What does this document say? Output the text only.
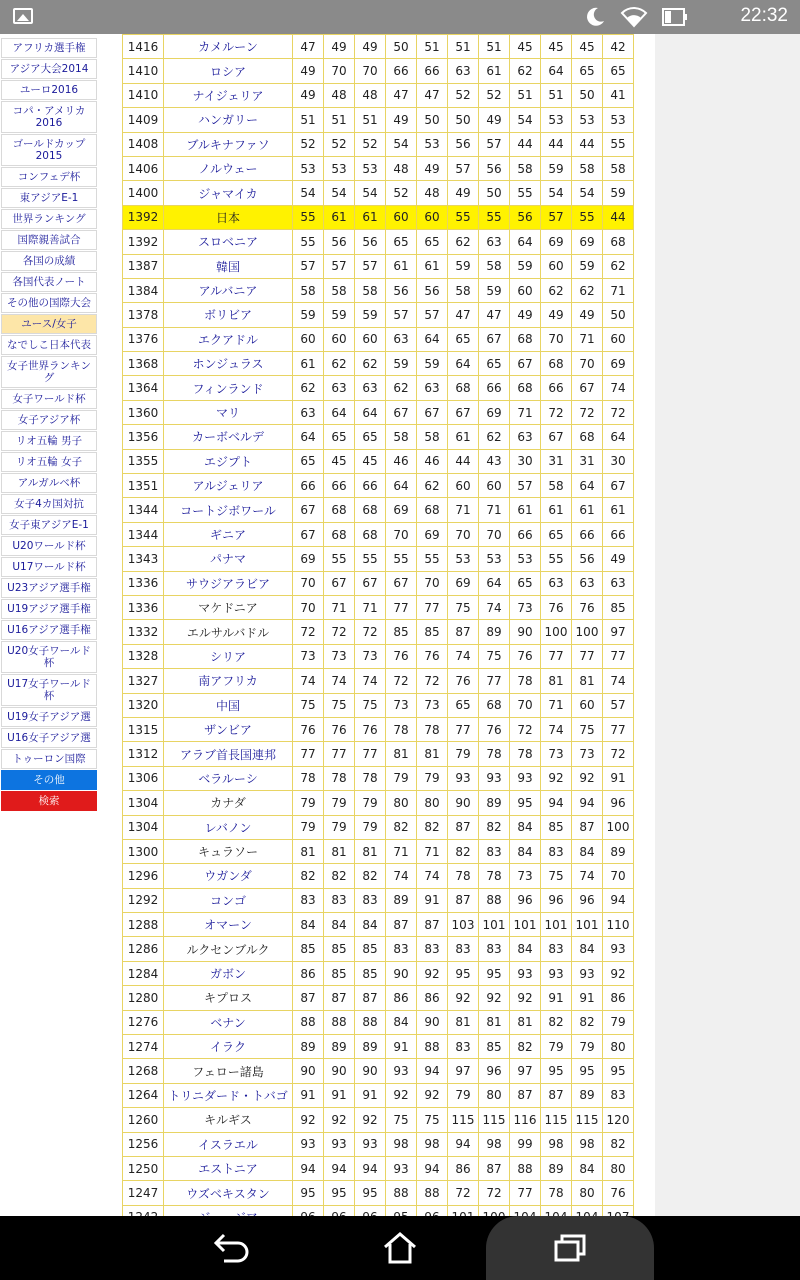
22:32
アフリカ選手権
アジア大会2014
ユーロ2016
コパ・アメリカ2016
ゴールドカップ2015
コンフェデ杯
東アジアE-1
世界ランキング
国際親善試合
各国の成績
各国代表ノート
その他の国際大会
ユース/女子
なでしこ日本代表
女子世界ランキング
女子ワールド杯
女子アジア杯
リオ五輪 男子
リオ五輪 女子
アルガルベ杯
女子4カ国対抗
女子東アジアE-1
U20ワールド杯
U17ワールド杯
U23アジア選手権
U19アジア選手権
U16アジア選手権
U20女子ワールド杯
U17女子ワールド杯
U19女子アジア選
U16女子アジア選
トゥーロン国際
その他
検索
1416	カメルーン	47	49	49	50	51	51	51	45	45	45	42
1410	ロシア	49	70	70	66	66	63	61	62	64	65	65
1410	ナイジェリア	49	48	48	47	47	52	52	51	51	50	41
1409	ハンガリー	51	51	51	49	50	50	49	54	53	53	53
1408	ブルキナファソ	52	52	52	54	53	56	57	44	44	44	55
1406	ノルウェー	53	53	53	48	49	57	56	58	59	58	58
1400	ジャマイカ	54	54	54	52	48	49	50	55	54	54	59
1392	日本	55	61	61	60	60	55	55	56	57	55	44
1392	スロベニア	55	56	56	65	65	62	63	64	69	69	68
1387	韓国	57	57	57	61	61	59	58	59	60	59	62
1384	アルバニア	58	58	58	56	56	58	59	60	62	62	71
1378	ボリビア	59	59	59	57	57	47	47	49	49	49	50
1376	エクアドル	60	60	60	63	64	65	67	68	70	71	60
1368	ホンジュラス	61	62	62	59	59	64	65	67	68	70	69
1364	フィンランド	62	63	63	62	63	68	66	68	66	67	74
1360	マリ	63	64	64	67	67	67	69	71	72	72	72
1356	カーボベルデ	64	65	65	58	58	61	62	63	67	68	64
1355	エジプト	65	45	45	46	46	44	43	30	31	31	30
1351	アルジェリア	66	66	66	64	62	60	60	57	58	64	67
1344	コートジボワール	67	68	68	69	68	71	71	61	61	61	61
1344	ギニア	67	68	68	70	69	70	70	66	65	66	66
1343	パナマ	69	55	55	55	55	53	53	53	55	56	49
1336	サウジアラビア	70	67	67	67	70	69	64	65	63	63	63
1336	マケドニア	70	71	71	77	77	75	74	73	76	76	85
1332	エルサルバドル	72	72	72	85	85	87	89	90	100	100	97
1328	シリア	73	73	73	76	76	74	75	76	77	77	77
1327	南アフリカ	74	74	74	72	72	76	77	78	81	81	74
1320	中国	75	75	75	73	73	65	68	70	71	60	57
1315	ザンビア	76	76	76	78	78	77	76	72	74	75	77
1312	アラブ首長国連邦	77	77	77	81	81	79	78	78	73	73	72
1306	ベラルーシ	78	78	78	79	79	93	93	93	92	92	91
1304	カナダ	79	79	79	80	80	90	89	95	94	94	96
1304	レバノン	79	79	79	82	82	87	82	84	85	87	100
1300	キュラソー	81	81	81	71	71	82	83	84	83	84	89
1296	ウガンダ	82	82	82	74	74	78	78	73	75	74	70
1292	コンゴ	83	83	83	89	91	87	88	96	96	96	94
1288	オマーン	84	84	84	87	87	103	101	101	101	101	110
1286	ルクセンブルク	85	85	85	83	83	83	83	84	83	84	93
1284	ガボン	86	85	85	90	92	95	95	93	93	93	92
1280	キプロス	87	87	87	86	86	92	92	92	91	91	86
1276	ベナン	88	88	88	84	90	81	81	81	82	82	79
1274	イラク	89	89	89	91	88	83	85	82	79	79	80
1268	フェロー諸島	90	90	90	93	94	97	96	97	95	95	95
1264	トリニダード・トバゴ	91	91	91	92	92	79	80	87	87	89	83
1260	キルギス	92	92	92	75	75	115	115	116	115	115	120
1256	イスラエル	93	93	93	98	98	94	98	99	98	98	82
1250	エストニア	94	94	94	93	94	86	87	88	89	84	80
1247	ウズベキスタン	95	95	95	88	88	72	72	77	78	80	76
